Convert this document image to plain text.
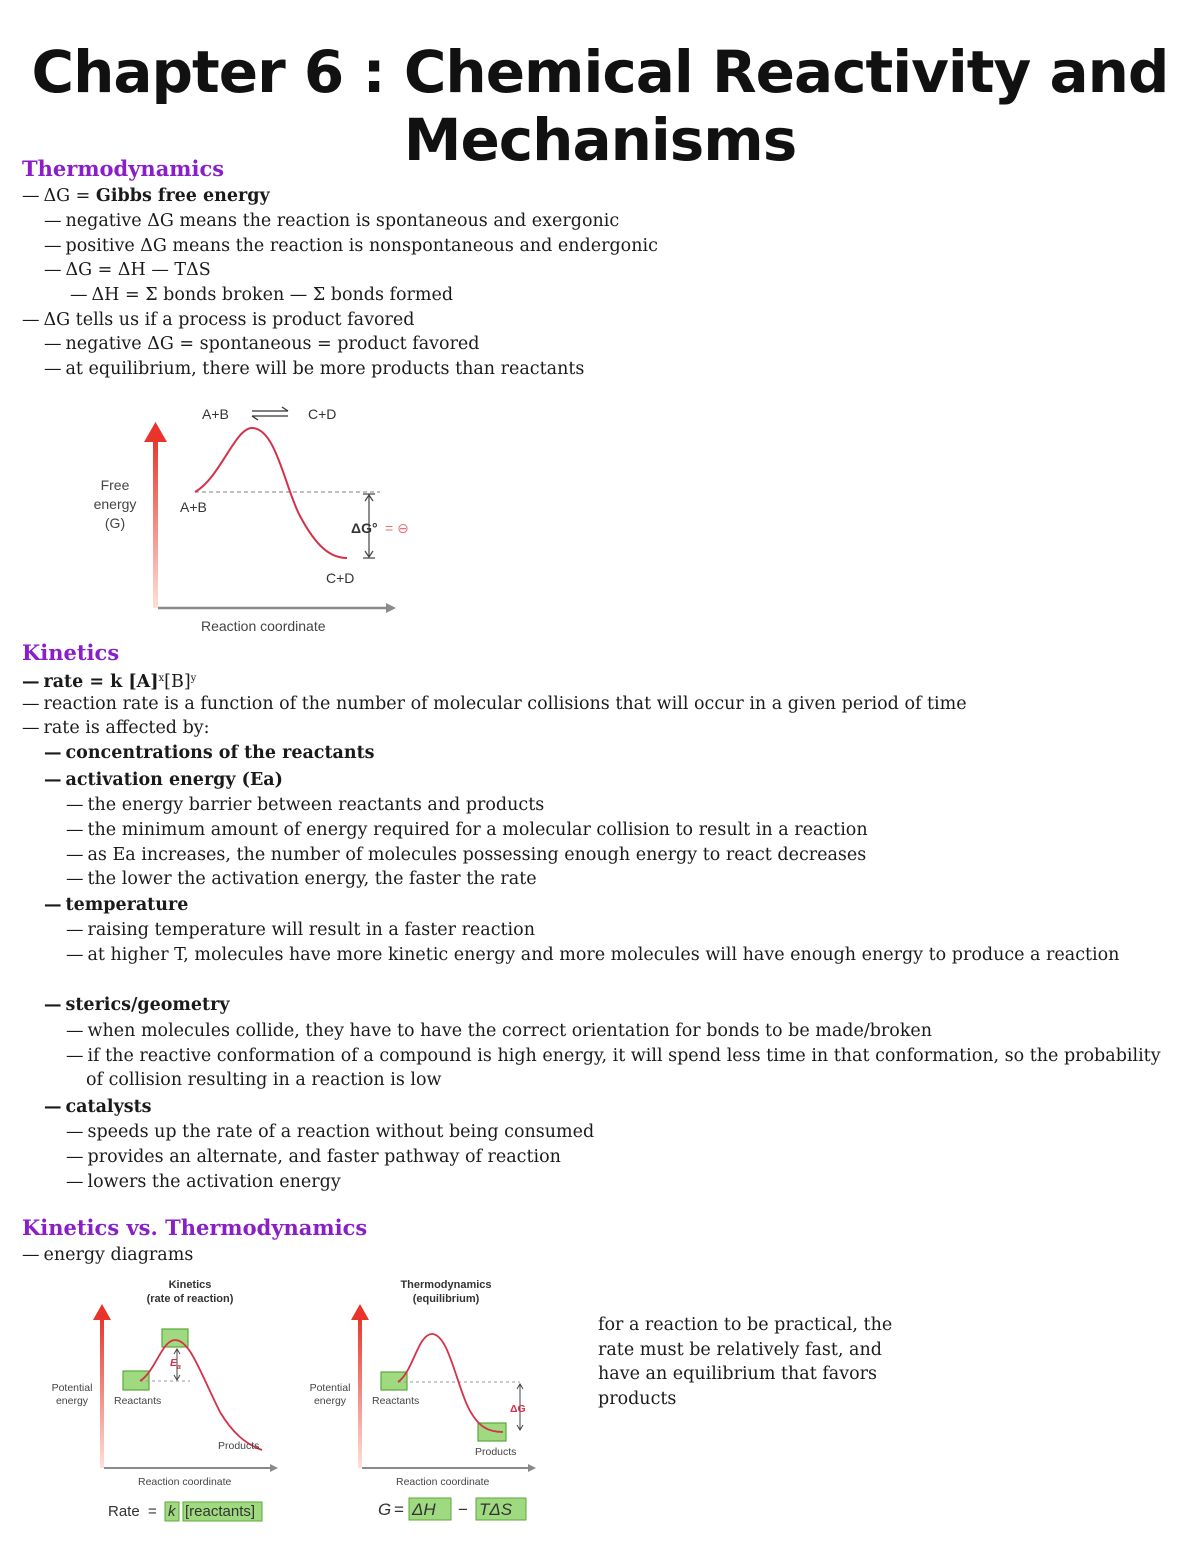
Chapter 6 : Chemical Reactivity and Mechanisms
Thermodynamics
— ΔG = Gibbs free energy
— negative ΔG means the reaction is spontaneous and exergonic
— positive ΔG means the reaction is nonspontaneous and endergonic
— ΔG = ΔH — TΔS
— ΔH = Σ bonds broken — Σ bonds formed
— ΔG tells us if a process is product favored
— negative ΔG = spontaneous = product favored
— at equilibrium, there will be more products than reactants
A+B	C+D
Free
energy
(G)
A+B
ΔG° = ⊖
C+D
Reaction coordinate
Kinetics
— rate = k $[A]^x[B]^y$
— reaction rate is a function of the number of molecular collisions that will occur in a given period of time
— rate is affected by:
— concentrations of the reactants
— activation energy (Ea)
— the energy barrier between reactants and products
— the minimum amount of energy required for a molecular collision to result in a reaction
— as Ea increases, the number of molecules possessing enough energy to react decreases
— the lower the activation energy, the faster the rate
— temperature
— raising temperature will result in a faster reaction
— at higher T, molecules have more kinetic energy and more molecules will have enough energy to produce a reaction
— sterics/geometry
— when molecules collide, they have to have the correct orientation for bonds to be made/broken
— if the reactive conformation of a compound is high energy, it will spend less time in that conformation, so the probability of collision resulting in a reaction is low
— catalysts
— speeds up the rate of a reaction without being consumed
— provides an alternate, and faster pathway of reaction
— lowers the activation energy
Kinetics vs. Thermodynamics
— energy diagrams
Kinetics
(rate of reaction)
Potential
energy
$E_a$
Reactants
Products
Reaction coordinate
Rate = k [reactants]
Thermodynamics
(equilibrium)
Potential
energy
ΔG
Reactants
Products
Reaction coordinate
G = ΔH − TΔS
for a reaction to be practical, the rate must be relatively fast, and have an equilibrium that favors products
